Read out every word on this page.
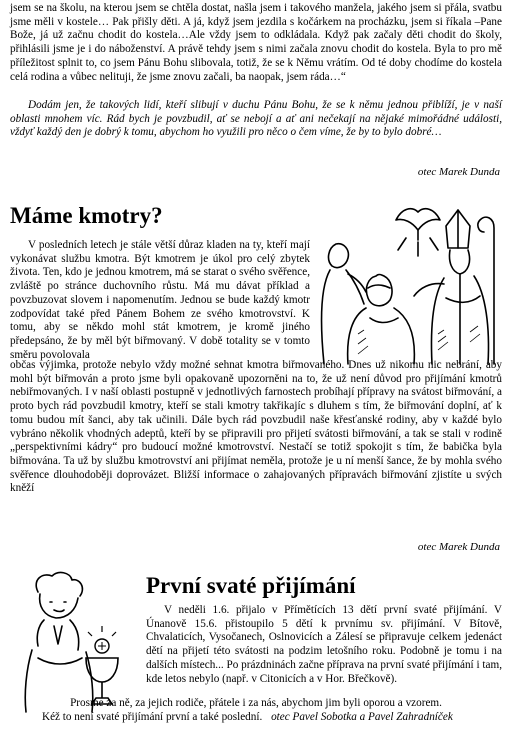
jsem se na školu, na kterou jsem se chtěla dostat, našla jsem i takového manžela, jakého jsem si přála, svatbu jsme měli v kostele… Pak přišly děti. A já, když jsem jezdila s kočárkem na procházku, jsem si říkala –Pane Bože, já už začnu chodit do kostela…Ale vždy jsem to odkládala. Když pak začaly děti chodit do školy, přihlásili jsme je i do náboženství. A právě tehdy jsem s nimi začala znovu chodit do kostela. Byla to pro mě příležitost splnit to, co jsem Pánu Bohu slibovala, totiž, že se k Němu vrátím. Od té doby chodíme do kostela celá rodina a vůbec nelituji, že jsme znovu začali, ba naopak, jsem ráda…“
Dodám jen, že takových lidí, kteří slibují v duchu Pánu Bohu, že se k němu jednou přiblíží, je v naší oblasti mnohem víc. Rád bych je povzbudil, ať se nebojí a ať ani nečekají na nějaké mimořádné události, vždyť každý den je dobrý k tomu, abychom ho využili pro něco o čem víme, že by to bylo dobré…
otec Marek Dunda
Máme kmotry?
V posledních letech je stále větší důraz kladen na ty, kteří mají vykonávat službu kmotra. Být kmotrem je úkol pro celý zbytek života. Ten, kdo je jednou kmotrem, má se starat o svého svěřence, zvláště po stránce duchovního růstu. Má mu dávat příklad a povzbuzovat slovem i napomenutím. Jednou se bude každý kmotr zodpovídat také před Pánem Bohem ze svého kmotrovství. K tomu, aby se někdo mohl stát kmotrem, je kromě jiného předepsáno, že by měl být biřmovaný. V době totality se v tomto směru povolovala
občas výjimka, protože nebylo vždy možné sehnat kmotra biřmovaného. Dnes už nikomu nic nebrání, aby mohl být biřmován a proto jsme byli opakovaně upozorněni na to, že už není důvod pro přijímání kmotrů nebiřmovaných. I v naší oblasti postupně v jednotlivých farnostech probíhají přípravy na svátost biřmování, a proto bych rád povzbudil kmotry, kteří se stali kmotry takřikajíc s dluhem s tím, že biřmování doplní, ať k tomu budou mít šanci, aby tak učinili. Dále bych rád povzbudil naše křesťanské rodiny, aby v každé bylo vybráno několik vhodných adeptů, kteří by se připravili pro přijetí svátosti biřmování, a tak se stali v rodině „perspektivními kádry“ pro budoucí možné kmotrovství. Nestačí se totiž spokojit s tím, že babička byla biřmována. Ta už by službu kmotrovství ani přijímat neměla, protože je u ní menší šance, že by mohla svého svěřence dlouhodoběji doprovázet. Bližší informace o zahajovaných přípravách biřmování zjistíte u svých kněží
otec Marek Dunda
První svaté přijímání
V neděli 1.6. přijalo v Přímětících 13 dětí první svaté přijímání. V Únanově 15.6. přistoupilo 5 dětí k prvnímu sv. přijímání. V Bítově, Chvalaticích, Vysočanech, Oslnovicích a Zálesí se připravuje celkem jedenáct dětí na přijetí této svátosti na podzim letošního roku. Podobně je tomu i na dalších místech... Po prázdninách začne příprava na první svaté přijímání i tam, kde letos nebylo (např. v Citonicích a v Hor. Břečkově).
Prosme za ně, za jejich rodiče, přátele i za nás, abychom jim byli oporou a vzorem.
Kéž to není svaté přijímání první a také poslední. otec Pavel Sobotka a Pavel Zahradníček
